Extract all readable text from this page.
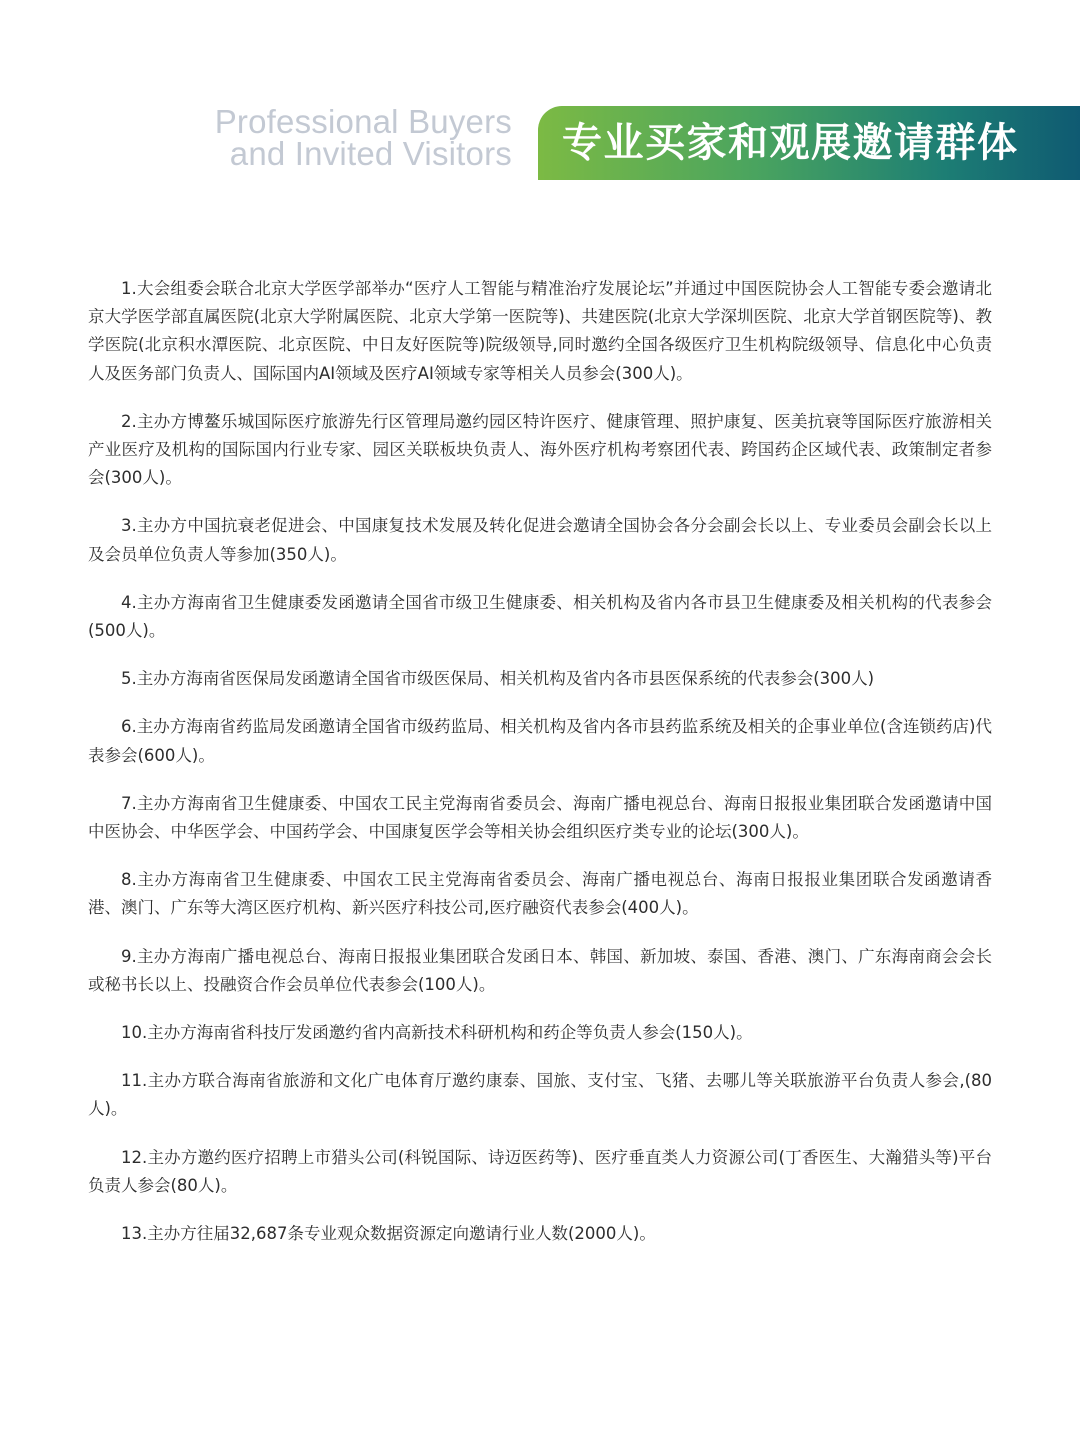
Professional Buyers
and Invited Visitors 专业买家和观展邀请群体

1.大会组委会联合北京大学医学部举办“医疗人工智能与精准治疗发展论坛”并通过中国医院协会人工智能专委会邀请北京大学医学部直属医院(北京大学附属医院、北京大学第一医院等)、共建医院(北京大学深圳医院、北京大学首钢医院等)、教学医院(北京积水潭医院、北京医院、中日友好医院等)院级领导,同时邀约全国各级医疗卫生机构院级领导、信息化中心负责人及医务部门负责人、国际国内AI领域及医疗AI领域专家等相关人员参会(300人)。

2.主办方博鳌乐城国际医疗旅游先行区管理局邀约园区特许医疗、健康管理、照护康复、医美抗衰等国际医疗旅游相关产业医疗及机构的国际国内行业专家、园区关联板块负责人、海外医疗机构考察团代表、跨国药企区域代表、政策制定者参会(300人)。

3.主办方中国抗衰老促进会、中国康复技术发展及转化促进会邀请全国协会各分会副会长以上、专业委员会副会长以上及会员单位负责人等参加(350人)。

4.主办方海南省卫生健康委发函邀请全国省市级卫生健康委、相关机构及省内各市县卫生健康委及相关机构的代表参会(500人)。

5.主办方海南省医保局发函邀请全国省市级医保局、相关机构及省内各市县医保系统的代表参会(300人)

6.主办方海南省药监局发函邀请全国省市级药监局、相关机构及省内各市县药监系统及相关的企事业单位(含连锁药店)代表参会(600人)。

7.主办方海南省卫生健康委、中国农工民主党海南省委员会、海南广播电视总台、海南日报报业集团联合发函邀请中国中医协会、中华医学会、中国药学会、中国康复医学会等相关协会组织医疗类专业的论坛(300人)。

8.主办方海南省卫生健康委、中国农工民主党海南省委员会、海南广播电视总台、海南日报报业集团联合发函邀请香港、澳门、广东等大湾区医疗机构、新兴医疗科技公司,医疗融资代表参会(400人)。

9.主办方海南广播电视总台、海南日报报业集团联合发函日本、韩国、新加坡、泰国、香港、澳门、广东海南商会会长或秘书长以上、投融资合作会员单位代表参会(100人)。

10.主办方海南省科技厅发函邀约省内高新技术科研机构和药企等负责人参会(150人)。

11.主办方联合海南省旅游和文化广电体育厅邀约康泰、国旅、支付宝、飞猪、去哪儿等关联旅游平台负责人参会,(80人)。

12.主办方邀约医疗招聘上市猎头公司(科锐国际、诗迈医药等)、医疗垂直类人力资源公司(丁香医生、大瀚猎头等)平台负责人参会(80人)。

13.主办方往届32,687条专业观众数据资源定向邀请行业人数(2000人)。
